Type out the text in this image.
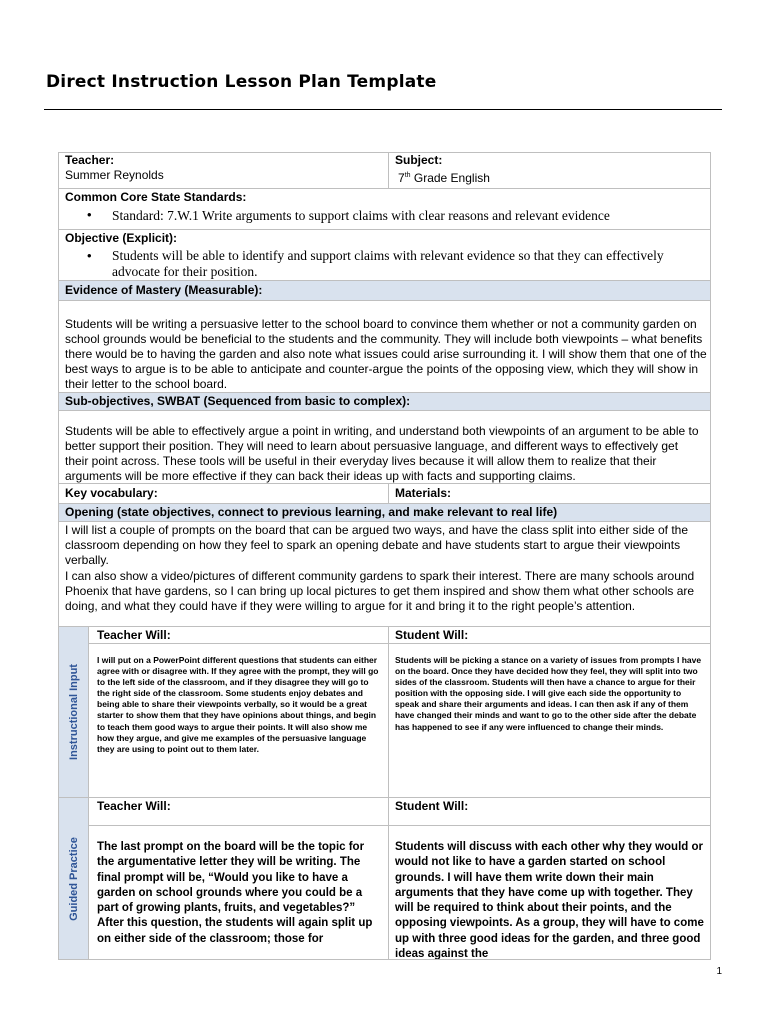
Direct Instruction Lesson Plan Template
Teacher:
Summer Reynolds
Subject:
7th Grade English
Common Core State Standards:
• Standard: 7.W.1 Write arguments to support claims with clear reasons and relevant evidence
Objective (Explicit):
• Students will be able to identify and support claims with relevant evidence so that they can effectively advocate for their position.
Evidence of Mastery (Measurable):
Students will be writing a persuasive letter to the school board to convince them whether or not a community garden on school grounds would be beneficial to the students and the community. They will include both viewpoints – what benefits there would be to having the garden and also note what issues could arise surrounding it. I will show them that one of the best ways to argue is to be able to anticipate and counter-argue the points of the opposing view, which they will show in their letter to the school board.
Sub-objectives, SWBAT (Sequenced from basic to complex):
Students will be able to effectively argue a point in writing, and understand both viewpoints of an argument to be able to better support their position. They will need to learn about persuasive language, and different ways to effectively get their point across. These tools will be useful in their everyday lives because it will allow them to realize that their arguments will be more effective if they can back their ideas up with facts and supporting claims.
Key vocabulary:	Materials:
Opening (state objectives, connect to previous learning, and make relevant to real life)
I will list a couple of prompts on the board that can be argued two ways, and have the class split into either side of the classroom depending on how they feel to spark an opening debate and have students start to argue their viewpoints verbally.
I can also show a video/pictures of different community gardens to spark their interest. There are many schools around Phoenix that have gardens, so I can bring up local pictures to get them inspired and show them what other schools are doing, and what they could have if they were willing to argue for it and bring it to the right people’s attention.
Instructional Input
Teacher Will:	Student Will:
I will put on a PowerPoint different questions that students can either agree with or disagree with. If they agree with the prompt, they will go to the left side of the classroom, and if they disagree they will go to the right side of the classroom. Some students enjoy debates and being able to share their viewpoints verbally, so it would be a great starter to show them that they have opinions about things, and begin to teach them good ways to argue their points. It will also show me how they argue, and give me examples of the persuasive language they are using to point out to them later.
Students will be picking a stance on a variety of issues from prompts I have on the board. Once they have decided how they feel, they will split into two sides of the classroom. Students will then have a chance to argue for their position with the opposing side. I will give each side the opportunity to speak and share their arguments and ideas. I can then ask if any of them have changed their minds and want to go to the other side after the debate has happened to see if any were influenced to change their minds.
Guided Practice
Teacher Will:	Student Will:
The last prompt on the board will be the topic for the argumentative letter they will be writing. The final prompt will be, “Would you like to have a garden on school grounds where you could be a part of growing plants, fruits, and vegetables?” After this question, the students will again split up on either side of the classroom; those for
Students will discuss with each other why they would or would not like to have a garden started on school grounds. I will have them write down their main arguments that they have come up with together. They will be required to think about their points, and the opposing viewpoints. As a group, they will have to come up with three good ideas for the garden, and three good ideas against the
1
